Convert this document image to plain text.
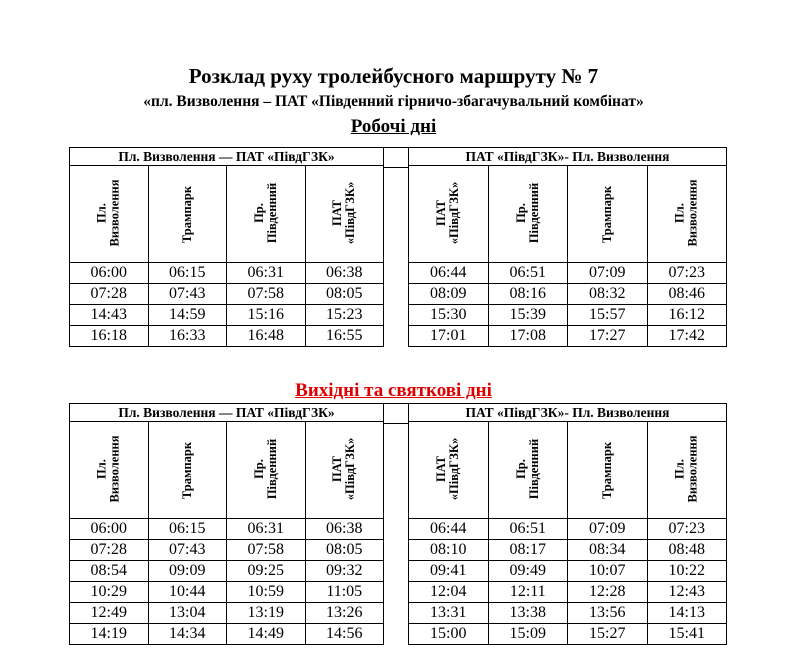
Розклад руху тролейбусного маршруту № 7
«пл. Визволення – ПАТ «Південний гірничо-збагачувальний комбінат»
Робочі дні
Вихідні та святкові дні
Пл. Визволення — ПАТ «ПівдГЗК»			

Пл. Визволення	Трампарк	Пр. Південний	ПАТ «ПівдГЗК»

06:00	06:15	06:31	06:38
07:28	07:43	07:58	08:05
14:43	14:59	15:16	15:23
16:18	16:33	16:48	16:55
ПАТ «ПівдГЗК»- Пл. Визволення			

ПАТ «ПівдГЗК»	Пр. Південний	Трампарк	Пл. Визволення

06:44	06:51	07:09	07:23
08:09	08:16	08:32	08:46
15:30	15:39	15:57	16:12
17:01	17:08	17:27	17:42
Пл. Визволення — ПАТ «ПівдГЗК»			

Пл. Визволення	Трампарк	Пр. Південний	ПАТ «ПівдГЗК»

06:00	06:15	06:31	06:38
07:28	07:43	07:58	08:05
08:54	09:09	09:25	09:32
10:29	10:44	10:59	11:05
12:49	13:04	13:19	13:26
14:19	14:34	14:49	14:56
ПАТ «ПівдГЗК»- Пл. Визволення			

ПАТ «ПівдГЗК»	Пр. Південний	Трампарк	Пл. Визволення

06:44	06:51	07:09	07:23
08:10	08:17	08:34	08:48
09:41	09:49	10:07	10:22
12:04	12:11	12:28	12:43
13:31	13:38	13:56	14:13
15:00	15:09	15:27	15:41
